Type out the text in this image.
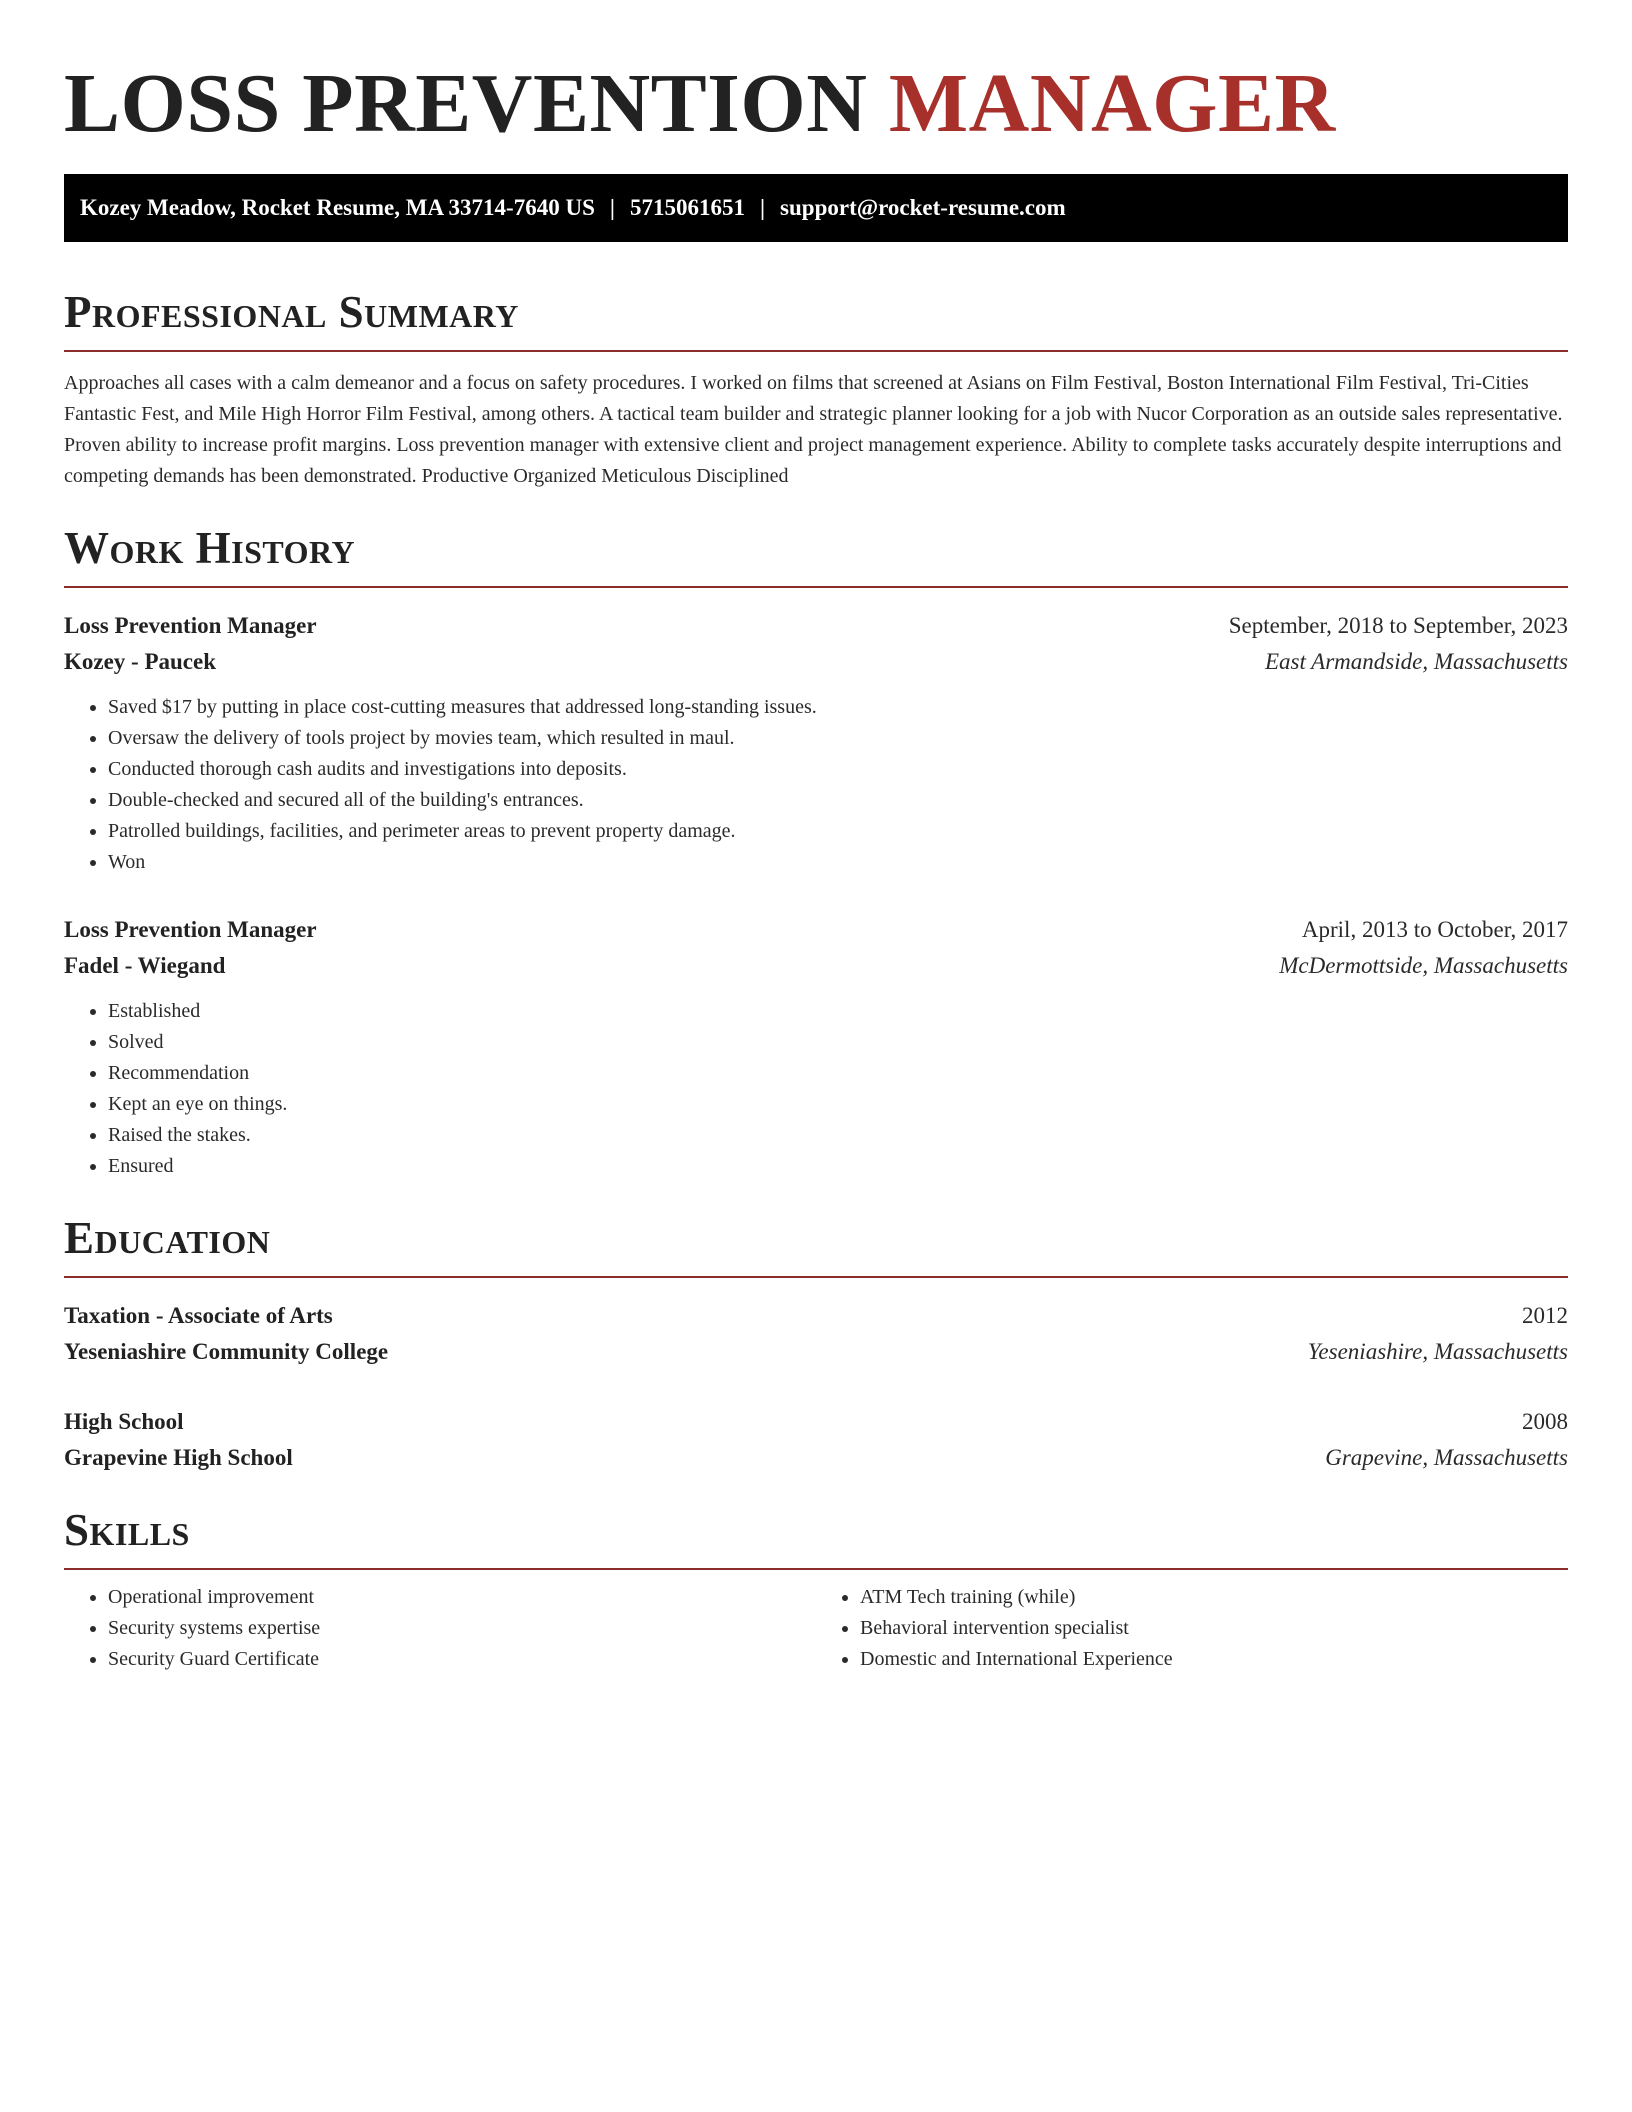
LOSS PREVENTION MANAGER
Kozey Meadow, Rocket Resume, MA 33714-7640 US | 5715061651 | support@rocket-resume.com
Professional Summary

Approaches all cases with a calm demeanor and a focus on safety procedures. I worked on films that screened at Asians on Film Festival, Boston International Film Festival, Tri-Cities Fantastic Fest, and Mile High Horror Film Festival, among others. A tactical team builder and strategic planner looking for a job with Nucor Corporation as an outside sales representative. Proven ability to increase profit margins. Loss prevention manager with extensive client and project management experience. Ability to complete tasks accurately despite interruptions and competing demands has been demonstrated. Productive Organized Meticulous Disciplined

Work History
Loss Prevention Manager	September, 2018 to September, 2023
Kozey - Paucek	East Armandside, Massachusetts
• Saved $17 by putting in place cost-cutting measures that addressed long-standing issues.
• Oversaw the delivery of tools project by movies team, which resulted in maul.
• Conducted thorough cash audits and investigations into deposits.
• Double-checked and secured all of the building's entrances.
• Patrolled buildings, facilities, and perimeter areas to prevent property damage.
• Won
Loss Prevention Manager	April, 2013 to October, 2017
Fadel - Wiegand	McDermottside, Massachusetts
• Established
• Solved
• Recommendation
• Kept an eye on things.
• Raised the stakes.
• Ensured
Education
Taxation - Associate of Arts	2012
Yeseniashire Community College	Yeseniashire, Massachusetts
High School	2008
Grapevine High School	Grapevine, Massachusetts
Skills
• Operational improvement
• Security systems expertise
• Security Guard Certificate
• ATM Tech training (while)
• Behavioral intervention specialist
• Domestic and International Experience
